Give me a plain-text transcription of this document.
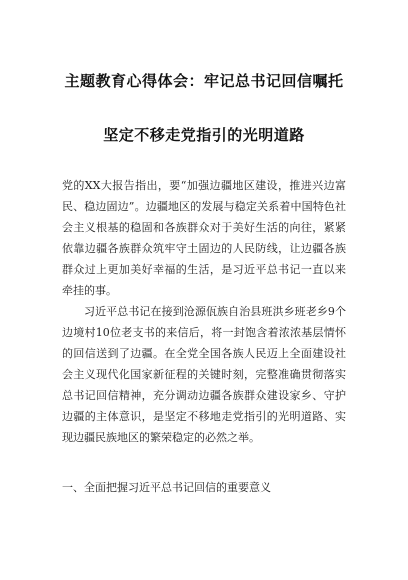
主题教育心得体会：牢记总书记回信嘱托
坚定不移走党指引的光明道路

党的XX大报告指出，要“加强边疆地区建设，推进兴边富民、稳边固边”。边疆地区的发展与稳定关系着中国特色社会主义根基的稳固和各族群众对于美好生活的向往，紧紧依靠边疆各族群众筑牢守土固边的人民防线，让边疆各族群众过上更加美好幸福的生活，是习近平总书记一直以来牵挂的事。

习近平总书记在接到沧源佤族自治县班洪乡班老乡9个边境村10位老支书的来信后，将一封饱含着浓浓基层情怀的回信送到了边疆。在全党全国各族人民迈上全面建设社会主义现代化国家新征程的关键时刻，完整准确贯彻落实总书记回信精神，充分调动边疆各族群众建设家乡、守护边疆的主体意识，是坚定不移地走党指引的光明道路、实现边疆民族地区的繁荣稳定的必然之举。

一、全面把握习近平总书记回信的重要意义
